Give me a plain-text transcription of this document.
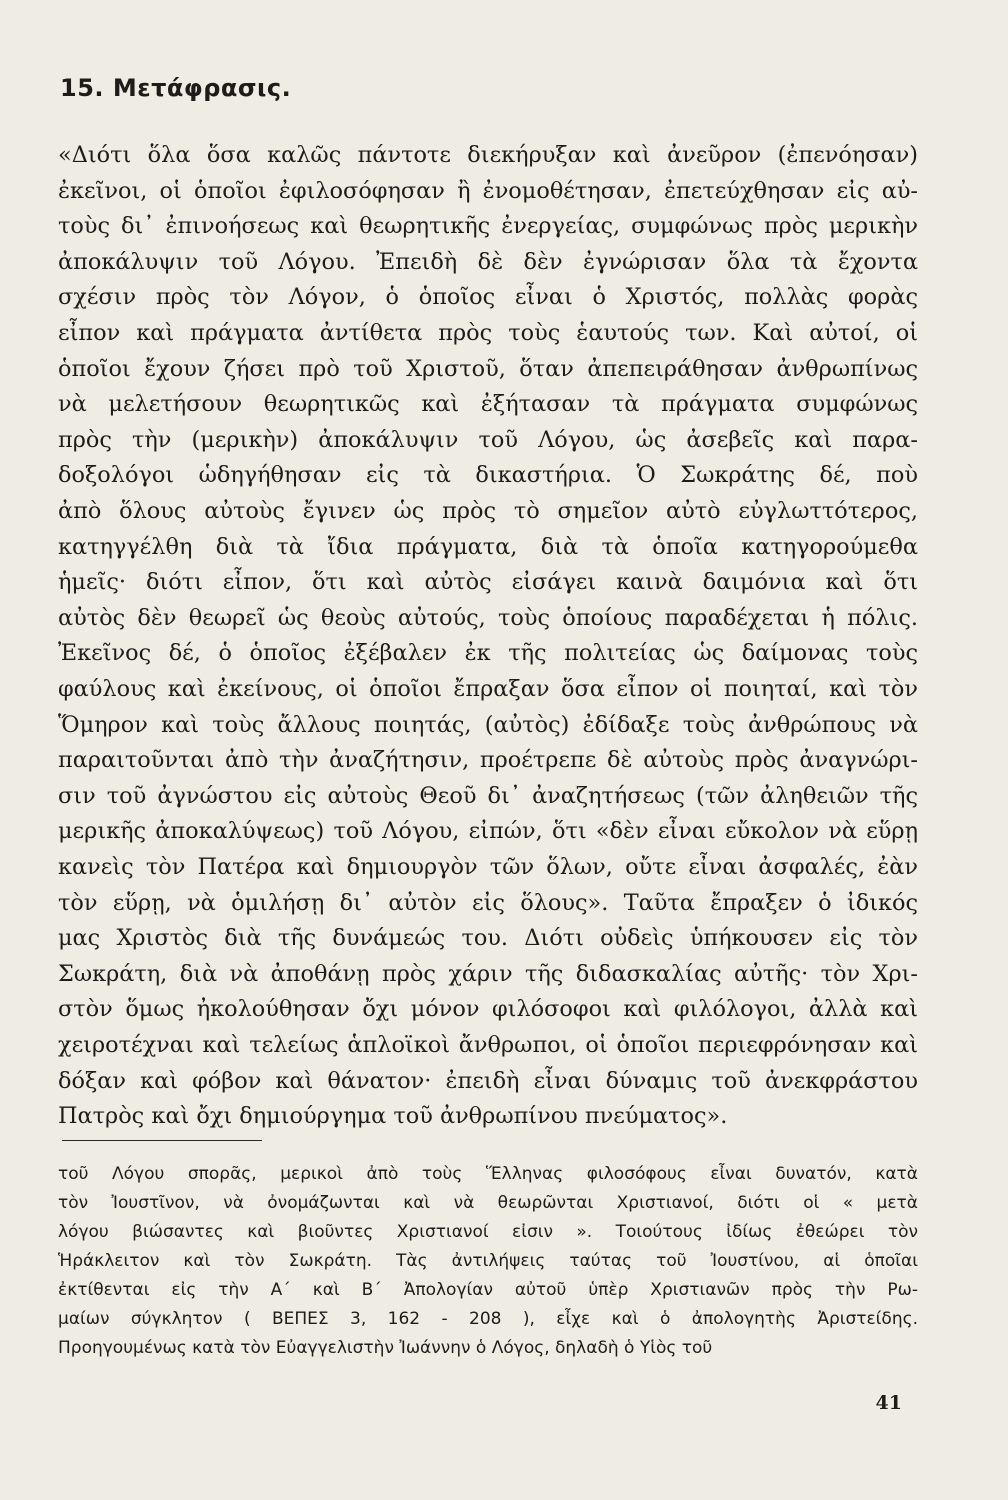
15. Μετάφρασις.
«Διότι ὅλα ὅσα καλῶς πάντοτε διεκήρυξαν καὶ ἀνεῦρον (ἐπενόησαν)
ἐκεῖνοι, οἱ ὁποῖοι ἐφιλοσόφησαν ἢ ἐνομοθέτησαν, ἐπετεύχθησαν εἰς αὐ-
τοὺς δι᾽ ἐπινοήσεως καὶ θεωρητικῆς ἐνεργείας, συμφώνως πρὸς μερικὴν
ἀποκάλυψιν τοῦ Λόγου. Ἐπειδὴ δὲ δὲν ἐγνώρισαν ὅλα τὰ ἔχοντα
σχέσιν πρὸς τὸν Λόγον, ὁ ὁποῖος εἶναι ὁ Χριστός, πολλὰς φορὰς
εἶπον καὶ πράγματα ἀντίθετα πρὸς τοὺς ἑαυτούς των. Καὶ αὐτοί, οἱ
ὁποῖοι ἔχουν ζήσει πρὸ τοῦ Χριστοῦ, ὅταν ἀπεπειράθησαν ἀνθρωπίνως
νὰ μελετήσουν θεωρητικῶς καὶ ἐξήτασαν τὰ πράγματα συμφώνως
πρὸς τὴν (μερικὴν) ἀποκάλυψιν τοῦ Λόγου, ὡς ἀσεβεῖς καὶ παρα-
δοξολόγοι ὡδηγήθησαν εἰς τὰ δικαστήρια. Ὁ Σωκράτης δέ, ποὺ
ἀπὸ ὅλους αὐτοὺς ἔγινεν ὡς πρὸς τὸ σημεῖον αὐτὸ εὐγλωττότερος,
κατηγγέλθη διὰ τὰ ἴδια πράγματα, διὰ τὰ ὁποῖα κατηγορούμεθα
ἡμεῖς· διότι εἶπον, ὅτι καὶ αὐτὸς εἰσάγει καινὰ δαιμόνια καὶ ὅτι
αὐτὸς δὲν θεωρεῖ ὡς θεοὺς αὐτούς, τοὺς ὁποίους παραδέχεται ἡ πόλις.
Ἐκεῖνος δέ, ὁ ὁποῖος ἐξέβαλεν ἐκ τῆς πολιτείας ὡς δαίμονας τοὺς
φαύλους καὶ ἐκείνους, οἱ ὁποῖοι ἔπραξαν ὅσα εἶπον οἱ ποιηταί, καὶ τὸν
Ὅμηρον καὶ τοὺς ἄλλους ποιητάς, (αὐτὸς) ἐδίδαξε τοὺς ἀνθρώπους νὰ
παραιτοῦνται ἀπὸ τὴν ἀναζήτησιν, προέτρεπε δὲ αὐτοὺς πρὸς ἀναγνώρι-
σιν τοῦ ἀγνώστου εἰς αὐτοὺς Θεοῦ δι᾽ ἀναζητήσεως (τῶν ἀληθειῶν τῆς
μερικῆς ἀποκαλύψεως) τοῦ Λόγου, εἰπών, ὅτι «δὲν εἶναι εὔκολον νὰ εὕρῃ
κανεὶς τὸν Πατέρα καὶ δημιουργὸν τῶν ὅλων, οὔτε εἶναι ἀσφαλές, ἐὰν
τὸν εὕρῃ, νὰ ὁμιλήσῃ δι᾽ αὐτὸν εἰς ὅλους». Ταῦτα ἔπραξεν ὁ ἰδικός
μας Χριστὸς διὰ τῆς δυνάμεώς του. Διότι οὐδεὶς ὑπήκουσεν εἰς τὸν
Σωκράτη, διὰ νὰ ἀποθάνῃ πρὸς χάριν τῆς διδασκαλίας αὐτῆς· τὸν Χρι-
στὸν ὅμως ἠκολούθησαν ὄχι μόνον φιλόσοφοι καὶ φιλόλογοι, ἀλλὰ καὶ
χειροτέχναι καὶ τελείως ἁπλοϊκοὶ ἄνθρωποι, οἱ ὁποῖοι περιεφρόνησαν καὶ
δόξαν καὶ φόβον καὶ θάνατον· ἐπειδὴ εἶναι δύναμις τοῦ ἀνεκφράστου
Πατρὸς καὶ ὄχι δημιούργημα τοῦ ἀνθρωπίνου πνεύματος».
τοῦ Λόγου σπορᾶς, μερικοὶ ἀπὸ τοὺς Ἕλληνας φιλοσόφους εἶναι δυνατόν, κατὰ
τὸν Ἰουστῖνον, νὰ ὀνομάζωνται καὶ νὰ θεωρῶνται Χριστιανοί, διότι οἱ « μετὰ
λόγου βιώσαντες καὶ βιοῦντες Χριστιανοί εἰσιν ». Τοιούτους ἰδίως ἐθεώρει τὸν
Ἡράκλειτον καὶ τὸν Σωκράτη. Τὰς ἀντιλήψεις ταύτας τοῦ Ἰουστίνου, αἱ ὁποῖαι
ἐκτίθενται εἰς τὴν Α΄ καὶ Β΄ Ἀπολογίαν αὐτοῦ ὑπὲρ Χριστιανῶν πρὸς τὴν Ρω-
μαίων σύγκλητον ( ΒΕΠΕΣ 3, 162 - 208 ), εἶχε καὶ ὁ ἀπολογητὴς Ἀριστείδης.
Προηγουμένως κατὰ τὸν Εὐαγγελιστὴν Ἰωάννην ὁ Λόγος, δηλαδὴ ὁ Υἱὸς τοῦ
41
